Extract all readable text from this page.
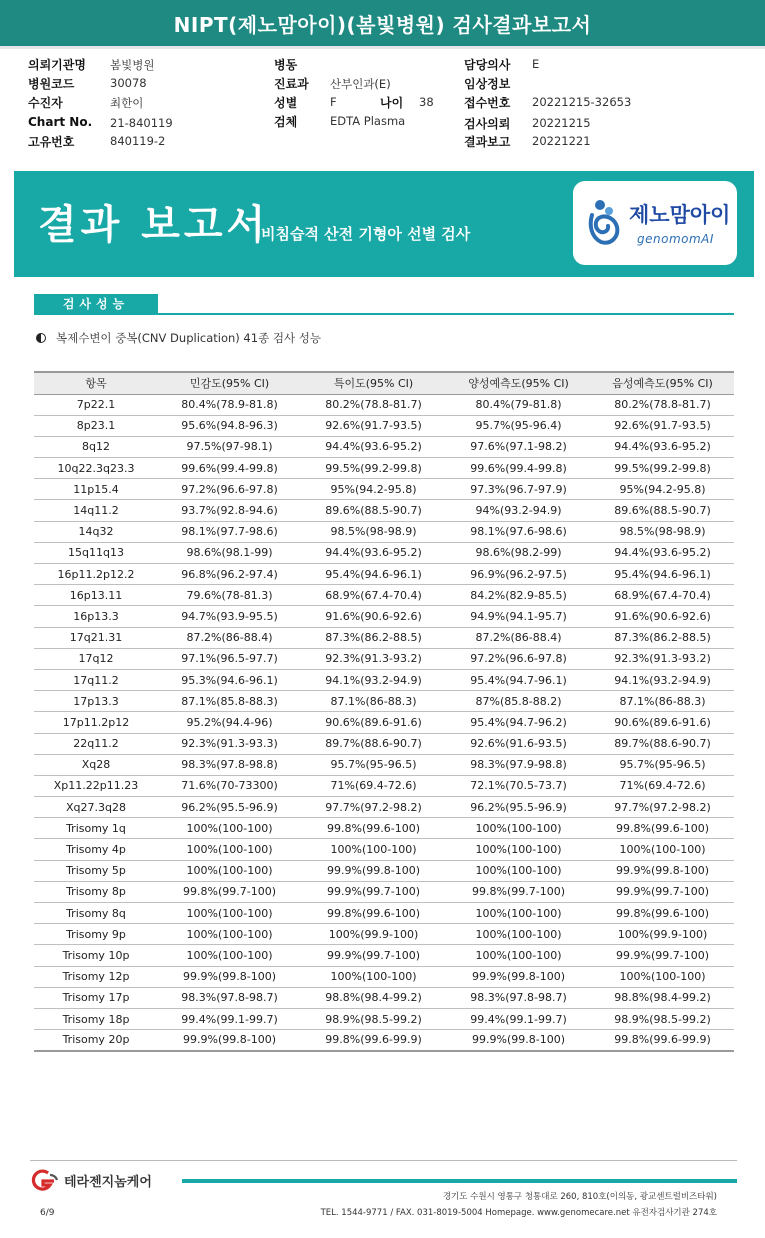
NIPT(제노맘아이)(봄빛병원) 검사결과보고서
의뢰기관명 봄빛병원
병원코드	30078
수진자	최한이
Chart No. 21-840119
고유번호	840119-2
병동
진료과 산부인과(E)
성별	F	나이 38
검체	EDTA Plasma
담당의사 E
임상정보
접수번호 20221215-32653
검사의뢰 20221215
결과보고 20221221
결과 보고서
비침습적 산전 기형아 선별 검사
제노맘아이
genomomAI
검사성능
복제수변이 중복(CNV Duplication) 41종 검사 성능
항목	민감도(95% CI)	특이도(95% CI)	양성예측도(95% CI)	음성예측도(95% CI)
7p22.1	80.4%(78.9-81.8)	80.2%(78.8-81.7)	80.4%(79-81.8)	80.2%(78.8-81.7)
8p23.1	95.6%(94.8-96.3)	92.6%(91.7-93.5)	95.7%(95-96.4)	92.6%(91.7-93.5)
8q12	97.5%(97-98.1)	94.4%(93.6-95.2)	97.6%(97.1-98.2)	94.4%(93.6-95.2)
10q22.3q23.3	99.6%(99.4-99.8)	99.5%(99.2-99.8)	99.6%(99.4-99.8)	99.5%(99.2-99.8)
11p15.4	97.2%(96.6-97.8)	95%(94.2-95.8)	97.3%(96.7-97.9)	95%(94.2-95.8)
14q11.2	93.7%(92.8-94.6)	89.6%(88.5-90.7)	94%(93.2-94.9)	89.6%(88.5-90.7)
14q32	98.1%(97.7-98.6)	98.5%(98-98.9)	98.1%(97.6-98.6)	98.5%(98-98.9)
15q11q13	98.6%(98.1-99)	94.4%(93.6-95.2)	98.6%(98.2-99)	94.4%(93.6-95.2)
16p11.2p12.2	96.8%(96.2-97.4)	95.4%(94.6-96.1)	96.9%(96.2-97.5)	95.4%(94.6-96.1)
16p13.11	79.6%(78-81.3)	68.9%(67.4-70.4)	84.2%(82.9-85.5)	68.9%(67.4-70.4)
16p13.3	94.7%(93.9-95.5)	91.6%(90.6-92.6)	94.9%(94.1-95.7)	91.6%(90.6-92.6)
17q21.31	87.2%(86-88.4)	87.3%(86.2-88.5)	87.2%(86-88.4)	87.3%(86.2-88.5)
17q12	97.1%(96.5-97.7)	92.3%(91.3-93.2)	97.2%(96.6-97.8)	92.3%(91.3-93.2)
17q11.2	95.3%(94.6-96.1)	94.1%(93.2-94.9)	95.4%(94.7-96.1)	94.1%(93.2-94.9)
17p13.3	87.1%(85.8-88.3)	87.1%(86-88.3)	87%(85.8-88.2)	87.1%(86-88.3)
17p11.2p12	95.2%(94.4-96)	90.6%(89.6-91.6)	95.4%(94.7-96.2)	90.6%(89.6-91.6)
22q11.2	92.3%(91.3-93.3)	89.7%(88.6-90.7)	92.6%(91.6-93.5)	89.7%(88.6-90.7)
Xq28	98.3%(97.8-98.8)	95.7%(95-96.5)	98.3%(97.9-98.8)	95.7%(95-96.5)
Xp11.22p11.23	71.6%(70-73300)	71%(69.4-72.6)	72.1%(70.5-73.7)	71%(69.4-72.6)
Xq27.3q28	96.2%(95.5-96.9)	97.7%(97.2-98.2)	96.2%(95.5-96.9)	97.7%(97.2-98.2)
Trisomy 1q	100%(100-100)	99.8%(99.6-100)	100%(100-100)	99.8%(99.6-100)
Trisomy 4p	100%(100-100)	100%(100-100)	100%(100-100)	100%(100-100)
Trisomy 5p	100%(100-100)	99.9%(99.8-100)	100%(100-100)	99.9%(99.8-100)
Trisomy 8p	99.8%(99.7-100)	99.9%(99.7-100)	99.8%(99.7-100)	99.9%(99.7-100)
Trisomy 8q	100%(100-100)	99.8%(99.6-100)	100%(100-100)	99.8%(99.6-100)
Trisomy 9p	100%(100-100)	100%(99.9-100)	100%(100-100)	100%(99.9-100)
Trisomy 10p	100%(100-100)	99.9%(99.7-100)	100%(100-100)	99.9%(99.7-100)
Trisomy 12p	99.9%(99.8-100)	100%(100-100)	99.9%(99.8-100)	100%(100-100)
Trisomy 17p	98.3%(97.8-98.7)	98.8%(98.4-99.2)	98.3%(97.8-98.7)	98.8%(98.4-99.2)
Trisomy 18p	99.4%(99.1-99.7)	98.9%(98.5-99.2)	99.4%(99.1-99.7)	98.9%(98.5-99.2)
Trisomy 20p	99.9%(99.8-100)	99.8%(99.6-99.9)	99.9%(99.8-100)	99.8%(99.6-99.9)
테라젠지놈케어
경기도 수원시 영통구 청통대로 260, 810호(이의동, 광교센트럴비즈타워)
TEL. 1544-9771 / FAX. 031-8019-5004 Homepage. www.genomecare.net 유전자검사기관 274호
6/9
